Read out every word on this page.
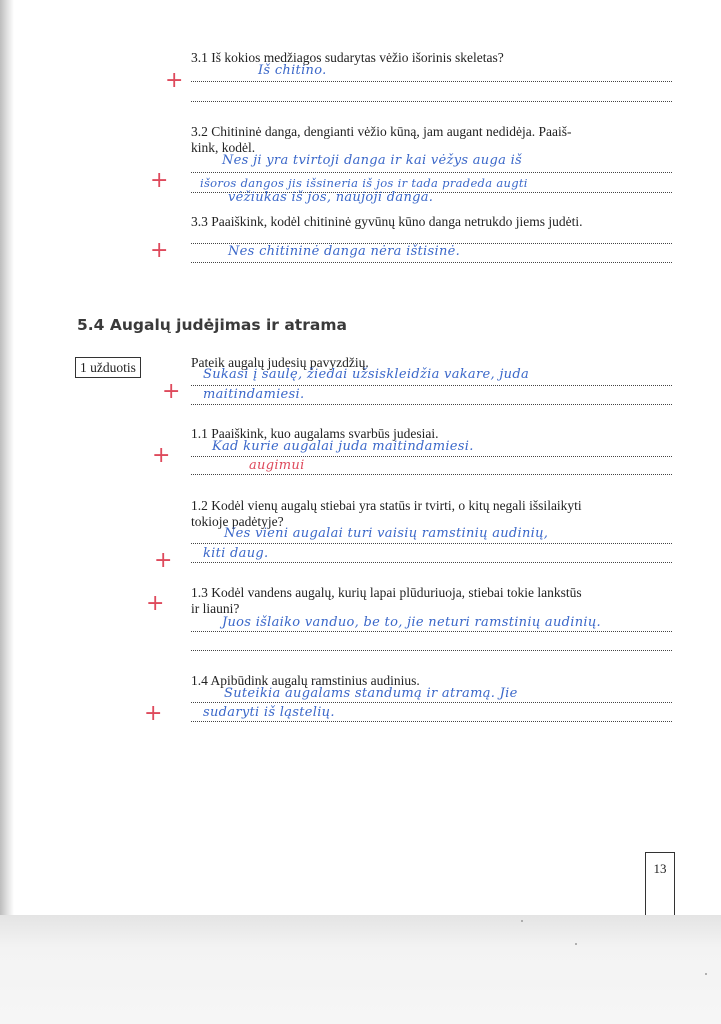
3.1 Iš kokios medžiagos sudarytas vėžio išorinis skeletas?
+	Iš chitino.
3.2 Chitininė danga, dengianti vėžio kūną, jam augant nedidėja. Paaiš-
kink, kodėl.
Nes ji yra tvirtoji danga ir kai vėžys auga iš
+	išoros dangos jis išsineria iš jos ir tada pradeda augti
vėžiukas iš jos, naujoji danga.
3.3 Paaiškink, kodėl chitininė gyvūnų kūno danga netrukdo jiems judėti.
+	Nes chitininė danga nėra ištisinė.
5.4 Augalų judėjimas ir atrama
1 užduotis	Pateik augalų judesių pavyzdžių.
Sukasi į saulę, žiedai užsiskleidžia vakare, juda
+ maitindamiesi.
1.1 Paaiškink, kuo augalams svarbūs judesiai.
+	Kad kurie augalai juda maitindamiesi.
augimui
1.2 Kodėl vienų augalų stiebai yra statūs ir tvirti, o kitų negali išsilaikyti
tokioje padėtyje?
Nes vieni augalai turi vaisių ramstinių audinių,
+ kiti daug.
1.3 Kodėl vandens augalų, kurių lapai plūduriuoja, stiebai tokie lankstūs
ir liauni?
+
Juos išlaiko vanduo, be to, jie neturi ramstinių audinių.
1.4 Apibūdink augalų ramstinius audinius.
Suteikia augalams standumą ir atramą. Jie
+	sudaryti iš ląstelių.
13
